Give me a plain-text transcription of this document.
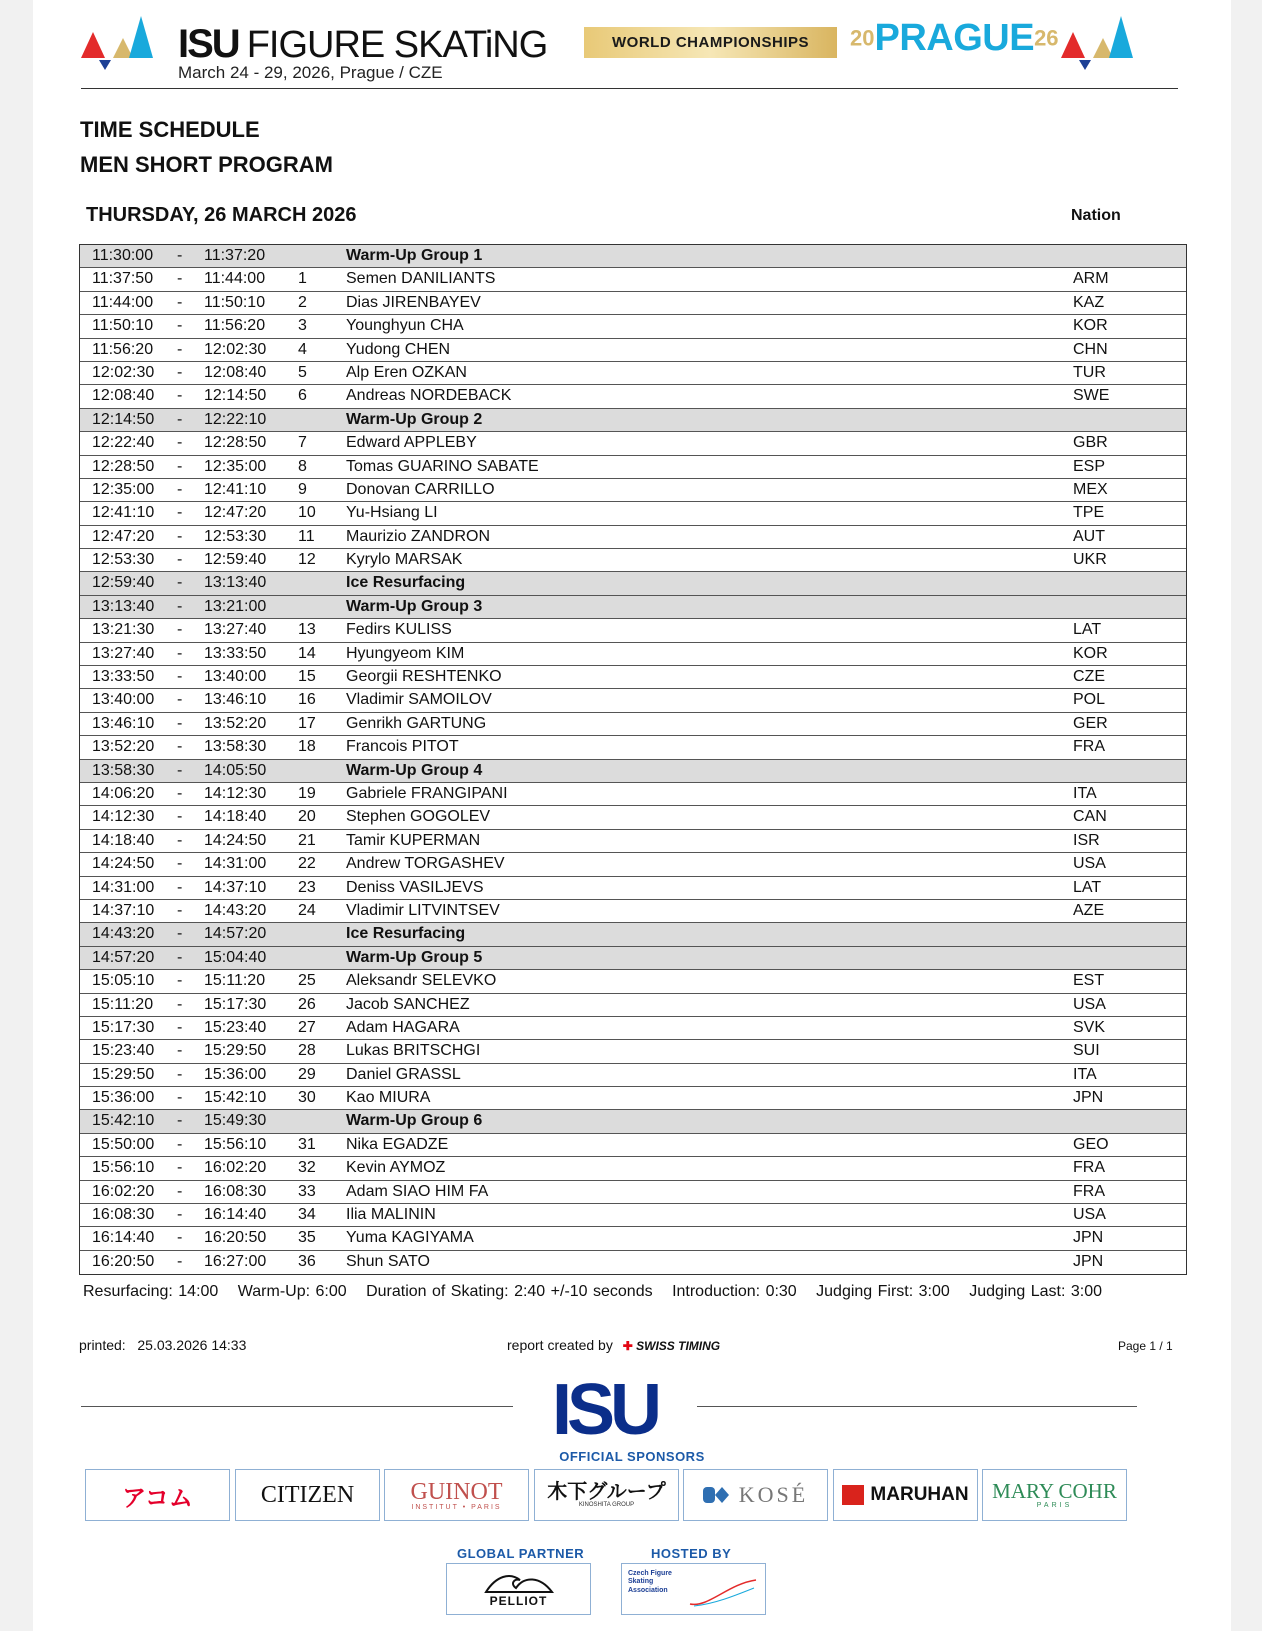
ISU FIGURE SKATiNG
March 24 - 29, 2026, Prague / CZE
WORLD CHAMPIONSHIPS	20PRAGUE26
TIME SCHEDULE
MEN SHORT PROGRAM
THURSDAY, 26 MARCH 2026	Nation
11:30:00 - 11:37:20	Warm-Up Group 1
11:37:50 - 11:44:00 1 Semen DANILIANTS	ARM
11:44:00 - 11:50:10 2 Dias JIRENBAYEV	KAZ
11:50:10 - 11:56:20 3 Younghyun CHA	KOR
11:56:20 - 12:02:30 4 Yudong CHEN	CHN
12:02:30 - 12:08:40 5 Alp Eren OZKAN	TUR
12:08:40 - 12:14:50 6 Andreas NORDEBACK	SWE
12:14:50 - 12:22:10	Warm-Up Group 2
12:22:40 - 12:28:50 7 Edward APPLEBY	GBR
12:28:50 - 12:35:00 8 Tomas GUARINO SABATE	ESP
12:35:00 - 12:41:10 9 Donovan CARRILLO	MEX
12:41:10 - 12:47:20 10 Yu-Hsiang LI	TPE
12:47:20 - 12:53:30 11 Maurizio ZANDRON	AUT
12:53:30 - 12:59:40 12 Kyrylo MARSAK	UKR
12:59:40 - 13:13:40	Ice Resurfacing
13:13:40 - 13:21:00	Warm-Up Group 3
13:21:30 - 13:27:40 13 Fedirs KULISS	LAT
13:27:40 - 13:33:50 14 Hyungyeom KIM	KOR
13:33:50 - 13:40:00 15 Georgii RESHTENKO	CZE
13:40:00 - 13:46:10 16 Vladimir SAMOILOV	POL
13:46:10 - 13:52:20 17 Genrikh GARTUNG	GER
13:52:20 - 13:58:30 18 Francois PITOT	FRA
13:58:30 - 14:05:50	Warm-Up Group 4
14:06:20 - 14:12:30 19 Gabriele FRANGIPANI	ITA
14:12:30 - 14:18:40 20 Stephen GOGOLEV	CAN
14:18:40 - 14:24:50 21 Tamir KUPERMAN	ISR
14:24:50 - 14:31:00 22 Andrew TORGASHEV	USA
14:31:00 - 14:37:10 23 Deniss VASILJEVS	LAT
14:37:10 - 14:43:20 24 Vladimir LITVINTSEV	AZE
14:43:20 - 14:57:20	Ice Resurfacing
14:57:20 - 15:04:40	Warm-Up Group 5
15:05:10 - 15:11:20 25 Aleksandr SELEVKO	EST
15:11:20 - 15:17:30 26 Jacob SANCHEZ	USA
15:17:30 - 15:23:40 27 Adam HAGARA	SVK
15:23:40 - 15:29:50 28 Lukas BRITSCHGI	SUI
15:29:50 - 15:36:00 29 Daniel GRASSL	ITA
15:36:00 - 15:42:10 30 Kao MIURA	JPN
15:42:10 - 15:49:30	Warm-Up Group 6
15:50:00 - 15:56:10 31 Nika EGADZE	GEO
15:56:10 - 16:02:20 32 Kevin AYMOZ	FRA
16:02:20 - 16:08:30 33 Adam SIAO HIM FA	FRA
16:08:30 - 16:14:40 34 Ilia MALININ	USA
16:14:40 - 16:20:50 35 Yuma KAGIYAMA	JPN
16:20:50 - 16:27:00 36 Shun SATO	JPN
Resurfacing: 14:00 Warm-Up: 6:00 Duration of Skating: 2:40 +/-10 seconds Introduction: 0:30 Judging First: 3:00 Judging Last: 3:00
printed: 25.03.2026 14:33	report created by ✚ SWISS TIMING	Page 1 / 1
ISU
OFFICIAL SPONSORS
アコム	CITIZEN GUINOT
INSTITUT • PARIS
木下グループ
KINOSHITA GROUP	KOSÉ	MARUHAN MARY COHR
PARIS
GLOBAL PARTNER
PELLIOT
HOSTED BY
Czech Figure Skating Association
